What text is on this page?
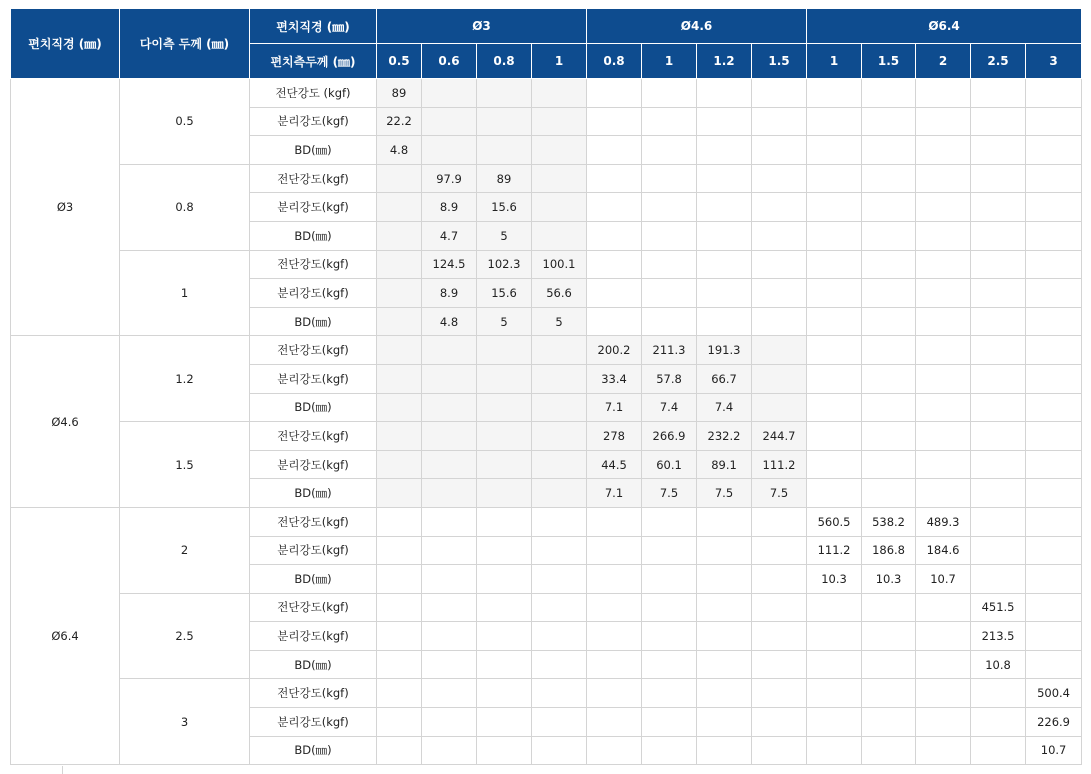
편치직경 (㎜)	다이측 두께 (㎜)	편치직경 (㎜)	Ø3				Ø4.6				Ø6.4				
		편치측두께 (㎜)	0.5	0.6	0.8	1	0.8	1	1.2	1.5	1	1.5	2	2.5	3
Ø3	0.5	전단강도 (kgf)	89												
		분리강도(kgf)	22.2												
		BD(㎜)	4.8												
	0.8	전단강도(kgf)		97.9	89										
		분리강도(kgf)		8.9	15.6										
		BD(㎜)		4.7	5										
	1	전단강도(kgf)		124.5	102.3	100.1									
		분리강도(kgf)		8.9	15.6	56.6									
		BD(㎜)		4.8	5	5									
Ø4.6	1.2	전단강도(kgf)					200.2	211.3	191.3						
		분리강도(kgf)					33.4	57.8	66.7						
		BD(㎜)					7.1	7.4	7.4						
	1.5	전단강도(kgf)					278	266.9	232.2	244.7					
		분리강도(kgf)					44.5	60.1	89.1	111.2					
		BD(㎜)					7.1	7.5	7.5	7.5					
Ø6.4	2	전단강도(kgf)									560.5	538.2	489.3		
		분리강도(kgf)									111.2	186.8	184.6		
		BD(㎜)									10.3	10.3	10.7		
	2.5	전단강도(kgf)												451.5	
		분리강도(kgf)												213.5	
		BD(㎜)												10.8	
	3	전단강도(kgf)													500.4
		분리강도(kgf)													226.9
		BD(㎜)													10.7
